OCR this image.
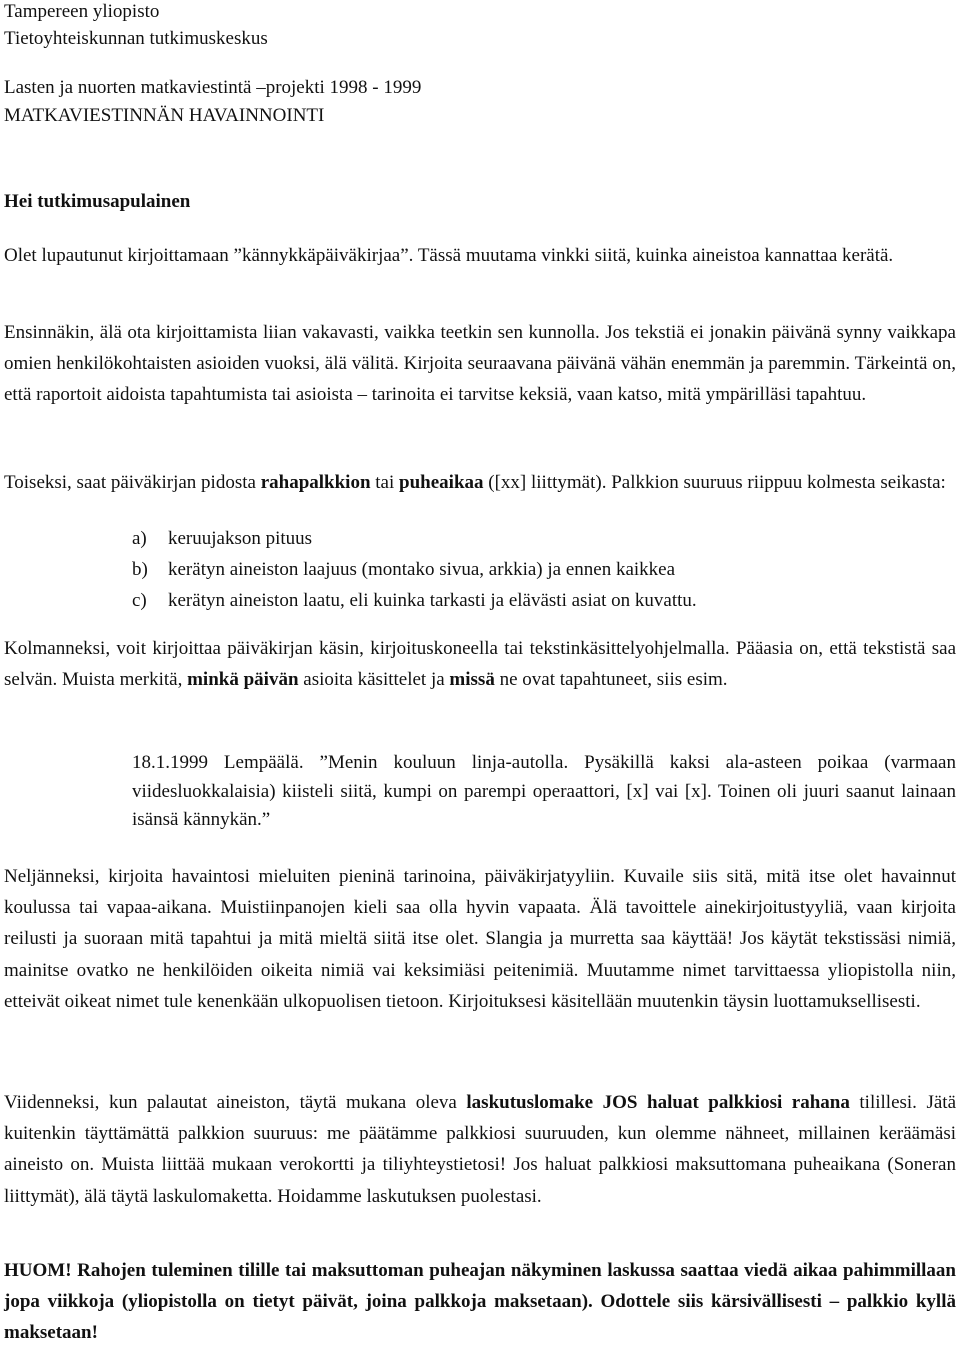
Tampereen yliopisto
Tietoyhteiskunnan tutkimuskeskus
Lasten ja nuorten matkaviestintä –projekti 1998 - 1999
MATKAVIESTINNÄN HAVAINNOINTI
Hei tutkimusapulainen
Olet lupautunut kirjoittamaan ”kännykkäpäiväkirjaa”. Tässä muutama vinkki siitä, kuinka aineistoa kannattaa kerätä.
Ensinnäkin, älä ota kirjoittamista liian vakavasti, vaikka teetkin sen kunnolla. Jos tekstiä ei jonakin päivänä synny vaikkapa omien henkilökohtaisten asioiden vuoksi, älä välitä. Kirjoita seuraavana päivänä vähän enemmän ja paremmin. Tärkeintä on, että raportoit aidoista tapahtumista tai asioista – tarinoita ei tarvitse keksiä, vaan katso, mitä ympärilläsi tapahtuu.
Toiseksi, saat päiväkirjan pidosta rahapalkkion tai puheaikaa ([xx] liittymät). Palkkion suuruus riippuu kolmesta seikasta:
a) keruujakson pituus
b) kerätyn aineiston laajuus (montako sivua, arkkia) ja ennen kaikkea
c) kerätyn aineiston laatu, eli kuinka tarkasti ja elävästi asiat on kuvattu.
Kolmanneksi, voit kirjoittaa päiväkirjan käsin, kirjoituskoneella tai tekstinkäsittelyohjelmalla. Pääasia on, että tekstistä saa selvän. Muista merkitä, minkä päivän asioita käsittelet ja missä ne ovat tapahtuneet, siis esim.
18.1.1999 Lempäälä. ”Menin kouluun linja-autolla. Pysäkillä kaksi ala-asteen poikaa (varmaan viidesluokkalaisia) kiisteli siitä, kumpi on parempi operaattori, [x] vai [x]. Toinen oli juuri saanut lainaan isänsä kännykän.”
Neljänneksi, kirjoita havaintosi mieluiten pieninä tarinoina, päiväkirjatyyliin. Kuvaile siis sitä, mitä itse olet havainnut koulussa tai vapaa-aikana. Muistiinpanojen kieli saa olla hyvin vapaata. Älä tavoittele ainekirjoitustyyliä, vaan kirjoita reilusti ja suoraan mitä tapahtui ja mitä mieltä siitä itse olet. Slangia ja murretta saa käyttää! Jos käytät tekstissäsi nimiä, mainitse ovatko ne henkilöiden oikeita nimiä vai keksimiäsi peitenimiä. Muutamme nimet tarvittaessa yliopistolla niin, etteivät oikeat nimet tule kenenkään ulkopuolisen tietoon. Kirjoituksesi käsitellään muutenkin täysin luottamuksellisesti.
Viidenneksi, kun palautat aineiston, täytä mukana oleva laskutuslomake JOS haluat palkkiosi rahana tilillesi. Jätä kuitenkin täyttämättä palkkion suuruus: me päätämme palkkiosi suuruuden, kun olemme nähneet, millainen keräämäsi aineisto on. Muista liittää mukaan verokortti ja tiliyhteystietosi! Jos haluat palkkiosi maksuttomana puheaikana (Soneran liittymät), älä täytä laskulomaketta. Hoidamme laskutuksen puolestasi.
HUOM! Rahojen tuleminen tilille tai maksuttoman puheajan näkyminen laskussa saattaa viedä aikaa pahimmillaan jopa viikkoja (yliopistolla on tietyt päivät, joina palkkoja maksetaan). Odottele siis kärsivällisesti – palkkio kyllä maksetaan!
